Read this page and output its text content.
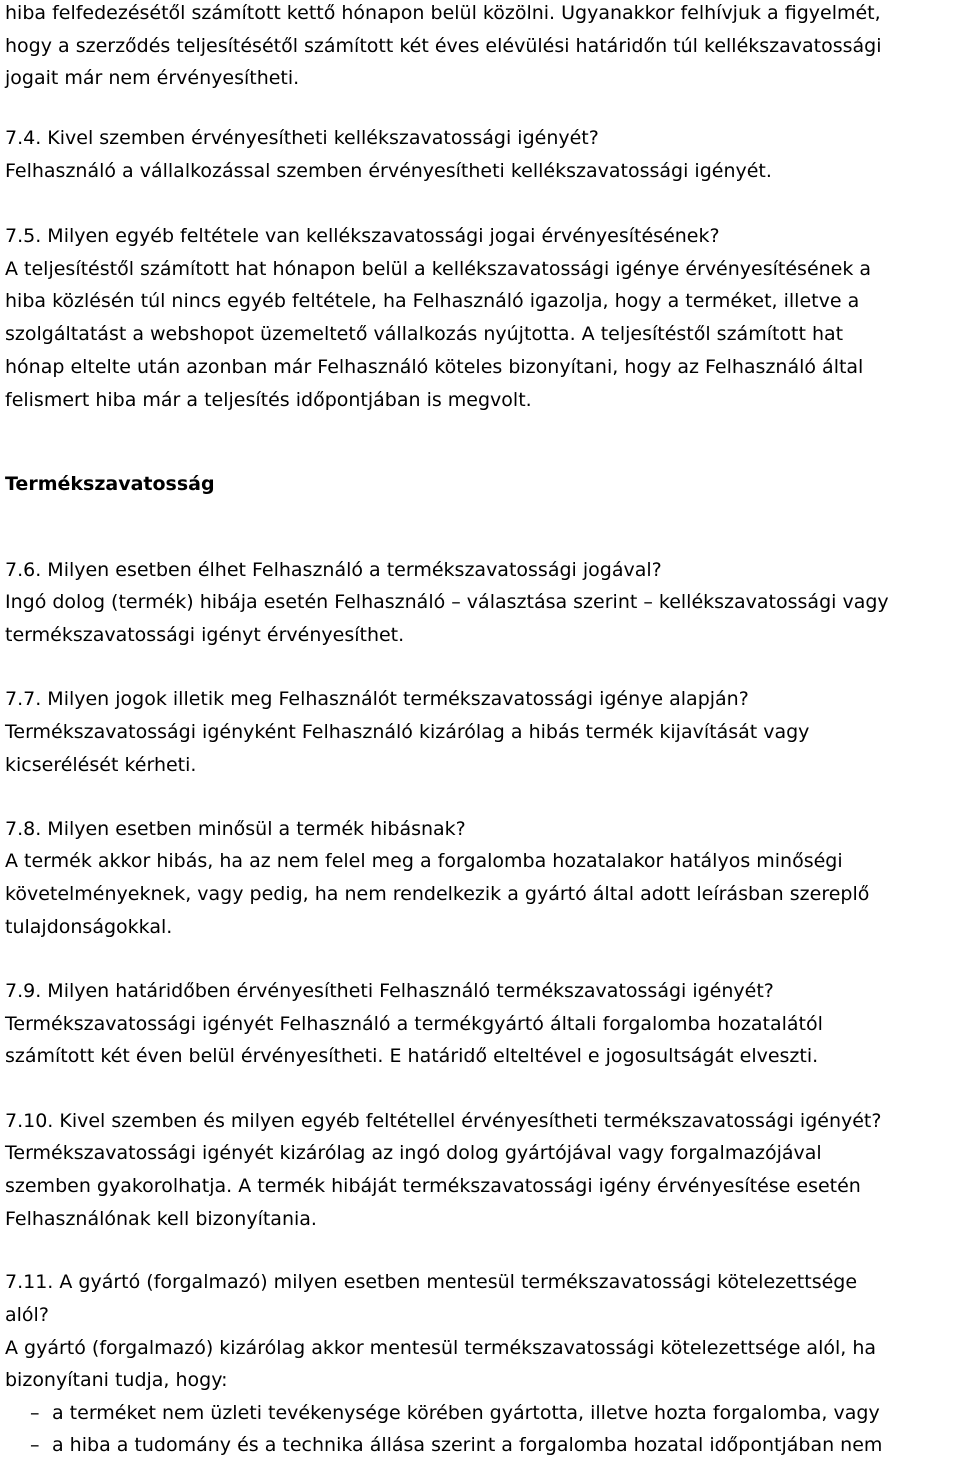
hiba felfedezésétől számított kettő hónapon belül közölni. Ugyanakkor felhívjuk a figyelmét,
hogy a szerződés teljesítésétől számított két éves elévülési határidőn túl kellékszavatossági
jogait már nem érvényesítheti.
7.4. Kivel szemben érvényesítheti kellékszavatossági igényét?
Felhasználó a vállalkozással szemben érvényesítheti kellékszavatossági igényét.
7.5. Milyen egyéb feltétele van kellékszavatossági jogai érvényesítésének?
A teljesítéstől számított hat hónapon belül a kellékszavatossági igénye érvényesítésének a
hiba közlésén túl nincs egyéb feltétele, ha Felhasználó igazolja, hogy a terméket, illetve a
szolgáltatást a webshopot üzemeltető vállalkozás nyújtotta. A teljesítéstől számított hat
hónap eltelte után azonban már Felhasználó köteles bizonyítani, hogy az Felhasználó által
felismert hiba már a teljesítés időpontjában is megvolt.
Termékszavatosság
7.6. Milyen esetben élhet Felhasználó a termékszavatossági jogával?
Ingó dolog (termék) hibája esetén Felhasználó – választása szerint – kellékszavatossági vagy
termékszavatossági igényt érvényesíthet.
7.7. Milyen jogok illetik meg Felhasználót termékszavatossági igénye alapján?
Termékszavatossági igényként Felhasználó kizárólag a hibás termék kijavítását vagy
kicserélését kérheti.
7.8. Milyen esetben minősül a termék hibásnak?
A termék akkor hibás, ha az nem felel meg a forgalomba hozatalakor hatályos minőségi
követelményeknek, vagy pedig, ha nem rendelkezik a gyártó által adott leírásban szereplő
tulajdonságokkal.
7.9. Milyen határidőben érvényesítheti Felhasználó termékszavatossági igényét?
Termékszavatossági igényét Felhasználó a termékgyártó általi forgalomba hozatalától
számított két éven belül érvényesítheti. E határidő elteltével e jogosultságát elveszti.
7.10. Kivel szemben és milyen egyéb feltétellel érvényesítheti termékszavatossági igényét?
Termékszavatossági igényét kizárólag az ingó dolog gyártójával vagy forgalmazójával
szemben gyakorolhatja. A termék hibáját termékszavatossági igény érvényesítése esetén
Felhasználónak kell bizonyítania.
7.11. A gyártó (forgalmazó) milyen esetben mentesül termékszavatossági kötelezettsége
alól?
A gyártó (forgalmazó) kizárólag akkor mentesül termékszavatossági kötelezettsége alól, ha
bizonyítani tudja, hogy:
– a terméket nem üzleti tevékenysége körében gyártotta, illetve hozta forgalomba, vagy
– a hiba a tudomány és a technika állása szerint a forgalomba hozatal időpontjában nem
